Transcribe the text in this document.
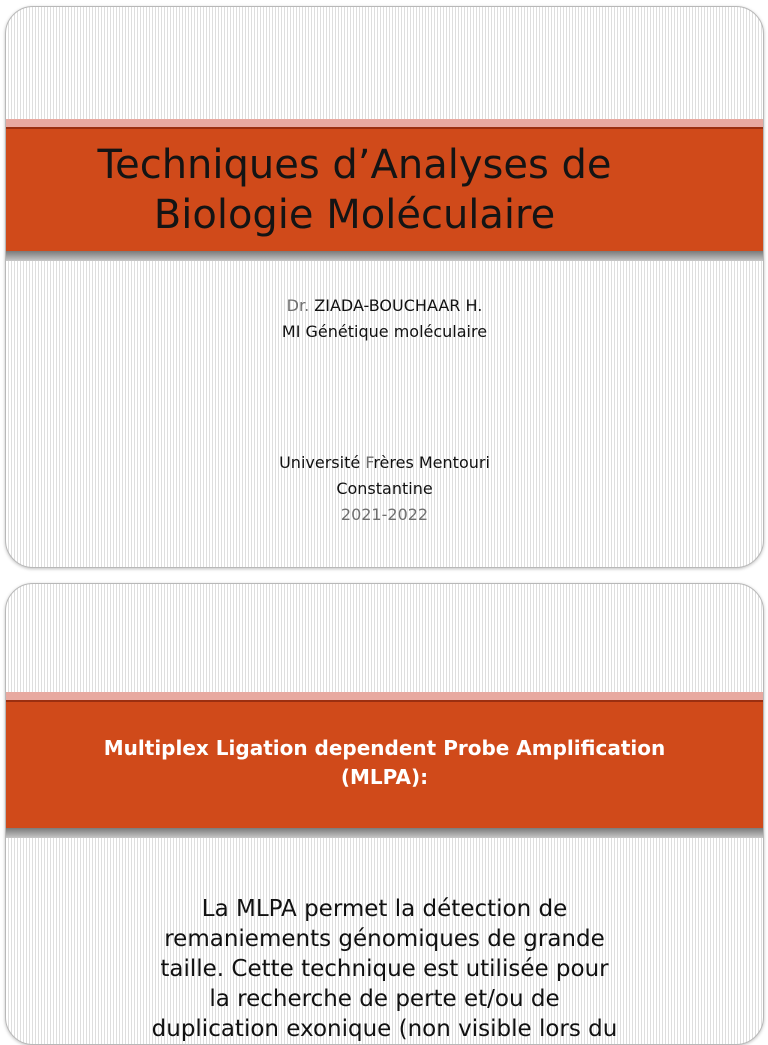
Techniques d’Analyses de
Biologie Moléculaire
Dr. ZIADA-BOUCHAAR H.
MI Génétique moléculaire
Université Frères Mentouri
Constantine
2021-2022
Multiplex Ligation dependent Probe Amplification
(MLPA):
La MLPA permet la détection de
remaniements génomiques de grande
taille. Cette technique est utilisée pour
la recherche de perte et/ou de
duplication exonique (non visible lors du
